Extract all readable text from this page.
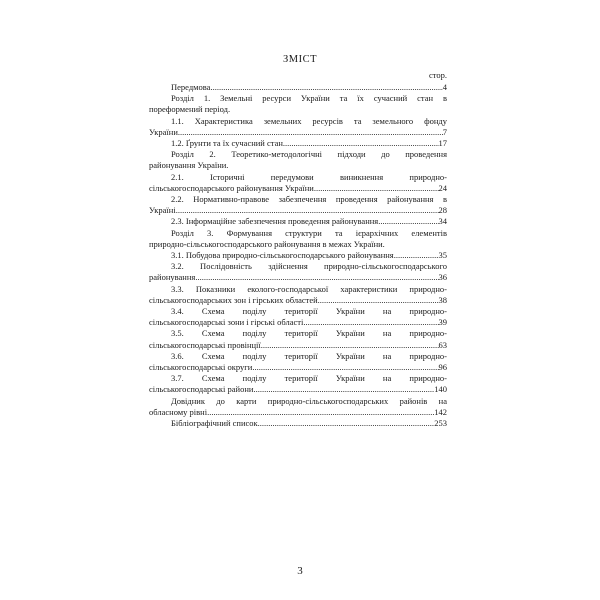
ЗМІСТ
стор.
Передмова .....	4
Розділ 1. Земельні ресурси України та їх сучасний стан в
пореформений період.
1.1. Характеристика земельних ресурсів та земельного фонду
України .....	7
1.2. Ґрунти та їх сучасний стан .....	17
Розділ 2. Теоретико-методологічні підходи до проведення
районування України.
2.1. Історичні передумови виникнення природно-
сільськогосподарського районування України .....	24
2.2. Нормативно-правове забезпечення проведення районування в
Україні .....	28
2.3. Інформаційне забезпечення проведення районування .....	34
Розділ 3. Формування структури та ієрархічних елементів
природно-сільськогосподарського районування в межах України.
3.1. Побудова природно-сільськогосподарського районування .....	35
3.2. Послідовність здійснення природно-сільськогосподарського
районування .....	36
3.3. Показники еколого-господарської характеристики природно-
сільськогосподарських зон і гірських областей .....	38
3.4. Схема поділу території України на природно-
сільськогосподарські зони і гірські області .....	39
3.5. Схема поділу території України на природно-
сільськогосподарські провінції .....	63
3.6. Схема поділу території України на природно-
сільськогосподарські округи .....	96
3.7. Схема поділу території України на природно-
сільськогосподарські райони .....	140
Довідник до карти природно-сільськогосподарських районів на
обласному рівні .....	142
Бібліографічний список .....	253
3
